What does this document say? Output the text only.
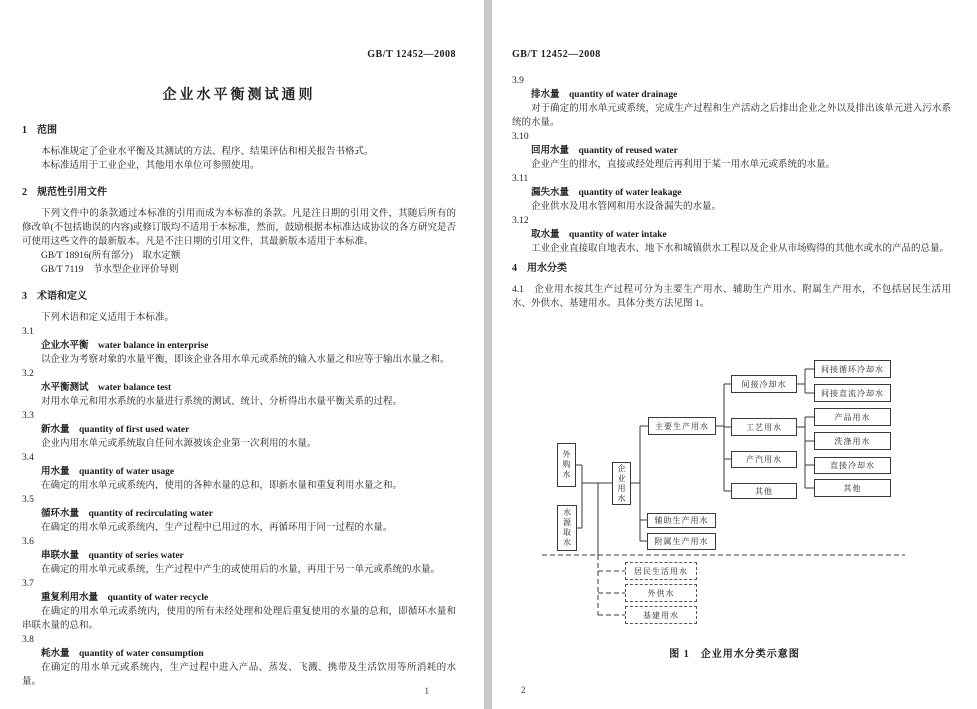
GB/T 12452—2008
企业水平衡测试通则
1　范围

本标准规定了企业水平衡及其测试的方法、程序、结果评估和相关报告书格式。

本标准适用于工业企业，其他用水单位可参照使用。

2　规范性引用文件

下列文件中的条款通过本标准的引用而成为本标准的条款。凡是注日期的引用文件，其随后所有的修改单(不包括勘误的内容)或修订版均不适用于本标准，然而，鼓励根据本标准达成协议的各方研究是否可使用这些文件的最新版本。凡是不注日期的引用文件，其最新版本适用于本标准。

GB/T 18916(所有部分)　取水定额

GB/T 7119　节水型企业评价导则

3　术语和定义

下列术语和定义适用于本标准。

3.1
企业水平衡　water balance in enterprise

以企业为考察对象的水量平衡，即该企业各用水单元或系统的输入水量之和应等于输出水量之和。

3.2
水平衡测试　water balance test

对用水单元和用水系统的水量进行系统的测试、统计、分析得出水量平衡关系的过程。

3.3
新水量　quantity of first used water

企业内用水单元或系统取自任何水源被该企业第一次利用的水量。

3.4
用水量　quantity of water usage

在确定的用水单元或系统内，使用的各种水量的总和，即新水量和重复利用水量之和。

3.5
循环水量　quantity of recirculating water

在确定的用水单元或系统内，生产过程中已用过的水，再循环用于同一过程的水量。

3.6
串联水量　quantity of series water

在确定的用水单元或系统，生产过程中产生的或使用后的水量，再用于另一单元或系统的水量。

3.7
重复利用水量　quantity of water recycle

在确定的用水单元或系统内，使用的所有未经处理和处理后重复使用的水量的总和，即循环水量和串联水量的总和。

3.8
耗水量　quantity of water consumption

在确定的用水单元或系统内，生产过程中进入产品、蒸发、飞溅、携带及生活饮用等所消耗的水量。

1
GB/T 12452—2008
3.9
排水量　quantity of water drainage

对于确定的用水单元或系统，完成生产过程和生产活动之后排出企业之外以及排出该单元进入污水系统的水量。

3.10
回用水量　quantity of reused water

企业产生的排水，直接或经处理后再利用于某一用水单元或系统的水量。

3.11
漏失水量　quantity of water leakage

企业供水及用水管网和用水设备漏失的水量。

3.12
取水量　quantity of water intake

工业企业直接取自地表水、地下水和城镇供水工程以及企业从市场购得的其他水或水的产品的总量。

4　用水分类

4.1　企业用水按其生产过程可分为主要生产用水、辅助生产用水、附属生产用水，不包括居民生活用水、外供水、基建用水。具体分类方法见图 1。

外购水
水源取水
企业用水
主要生产用水
辅助生产用水
附属生产用水
间接冷却水
工艺用水
产汽用水
其他
间接循环冷却水
间接直流冷却水
产品用水
洗涤用水
直接冷却水
其他
居民生活用水
外供水
基建用水
图 1　企业用水分类示意图
2
